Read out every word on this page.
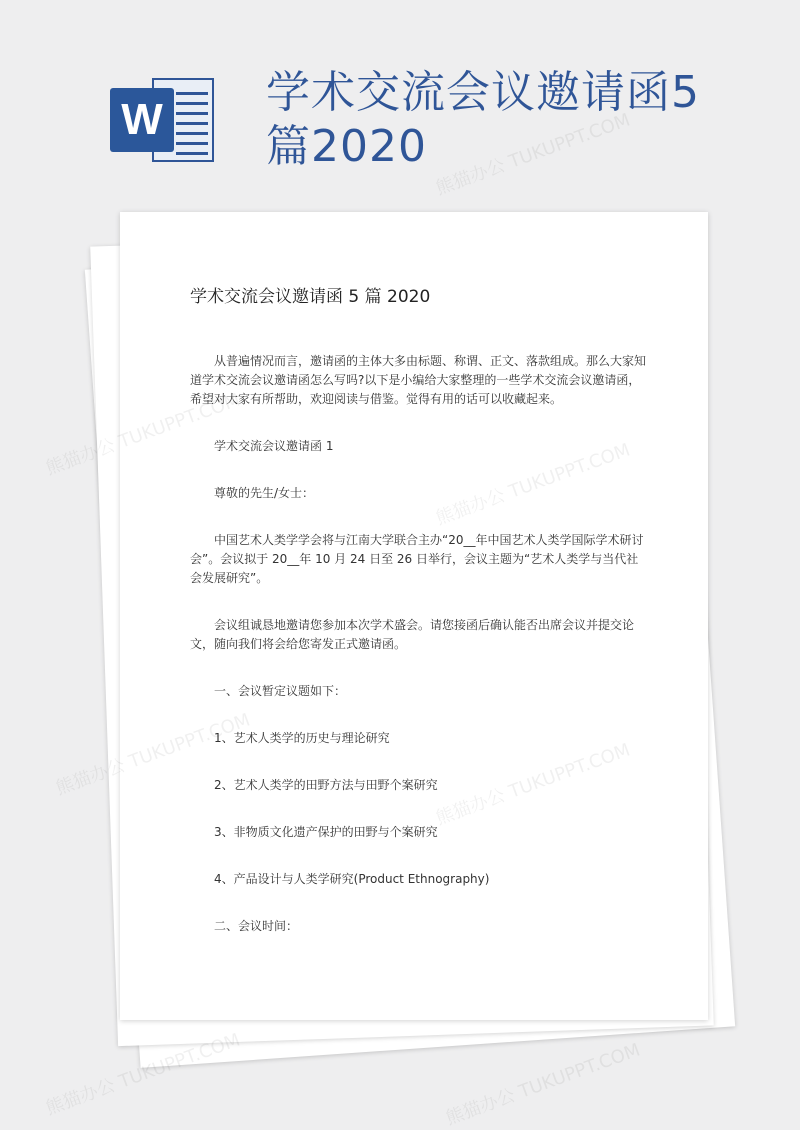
W
学术交流会议邀请函5篇2020
学术交流会议邀请函 5 篇 2020

从普遍情况而言，邀请函的主体大多由标题、称谓、正文、落款组成。那么大家知道学术交流会议邀请函怎么写吗?以下是小编给大家整理的一些学术交流会议邀请函，希望对大家有所帮助，欢迎阅读与借鉴。觉得有用的话可以收藏起来。

学术交流会议邀请函 1

尊敬的先生/女士：

中国艺术人类学学会将与江南大学联合主办“20__年中国艺术人类学国际学术研讨会”。会议拟于 20__年 10 月 24 日至 26 日举行，会议主题为“艺术人类学与当代社会发展研究”。

会议组诚恳地邀请您参加本次学术盛会。请您接函后确认能否出席会议并提交论文，随向我们将会给您寄发正式邀请函。

一、会议暂定议题如下：

1、艺术人类学的历史与理论研究

2、艺术人类学的田野方法与田野个案研究

3、非物质文化遗产保护的田野与个案研究

4、产品设计与人类学研究(Product Ethnography)

二、会议时间：

熊猫办公 TUKUPPT.COM
熊猫办公
熊猫办公
熊猫办公 TUKUPPT.COM	熊猫办公 TUKUPPT.COM
